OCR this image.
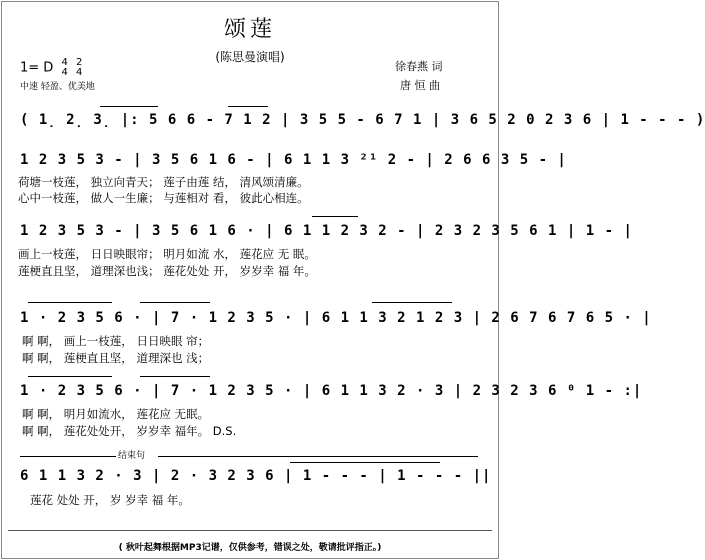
颂莲
(陈思曼演唱)
1= D 4
4

2
4
中速 轻盈、优美地
徐春燕 词
唐 恒 曲
( 1̣ 2̣ 3̣ |: 5 6 6 - 7 1 2 | 3 5 5 - 6 7 1 | 3 6 5 2 0 2 3 6 | 1 - - - )
1 2 3 5 3 - | 3 5 6 1 6 - | 6 1 1 3 ²¹ 2 - | 2 6 6 3 5 - |
荷塘一枝莲， 独立向青天； 莲子由莲 结， 清风颂清廉。
心中一枝莲， 做人一生廉； 与莲相对 看， 彼此心相连。
1 2 3 5 3 - | 3 5 6 1 6 · | 6 1 1 2 3 2 - | 2 3 2 3 5 6 1 | 1 - |
画上一枝莲， 日日映眼帘； 明月如流 水， 莲花应 无 眠。
莲梗直且坚， 道理深也浅； 莲花处处 开， 岁岁幸 福 年。
1 · 2 3 5 6 · | 7 · 1 2 3 5 · | 6 1 1 3 2 1 2 3 | 2 6 7 6 7 6 5 · |
啊 啊， 画上一枝莲， 日日映眼 帘；
啊 啊， 莲梗直且坚， 道理深也 浅；
1 · 2 3 5 6 · | 7 · 1 2 3 5 · | 6 1 1 3 2 · 3 | 2 3 2 3 6 ⁰ 1 - :|
啊 啊， 明月如流水， 莲花应 无眠。
啊 啊， 莲花处处开， 岁岁幸 福年。 D.S.
结束句
6 1 1 3 2 · 3 | 2 · 3 2 3 6 | 1 - - - | 1 - - - ||
莲花 处处 开， 岁 岁幸 福 年。
( 秋叶起舞根据MP3记谱，仅供参考，错误之处，敬请批评指正。)
